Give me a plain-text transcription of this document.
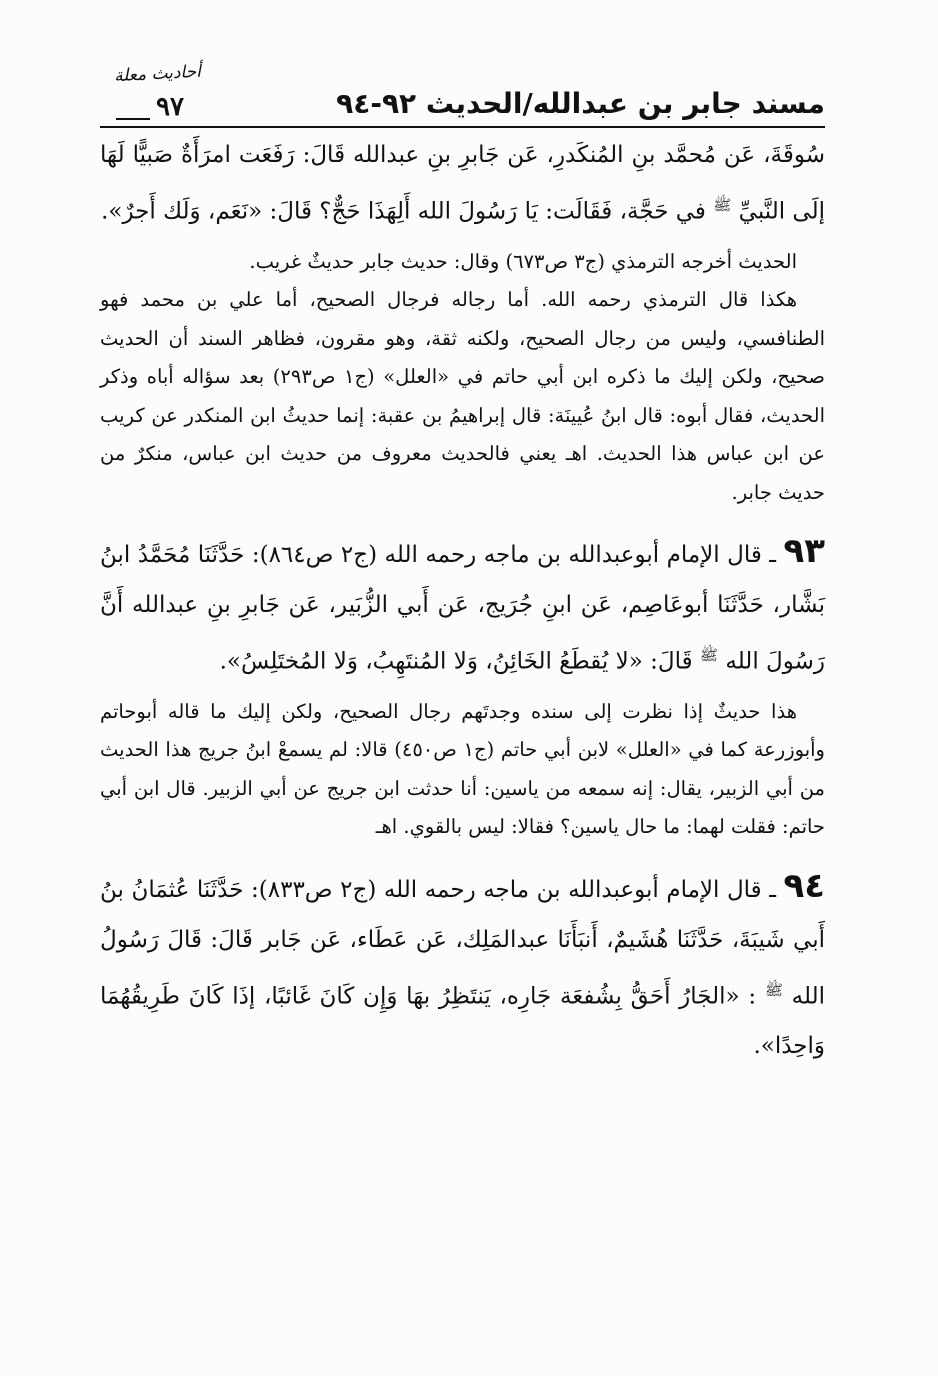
مسند جابر بن عبدالله/الحديث ٩٢-٩٤
أحاديث معلة
٩٧

سُوقَةَ، عَن مُحمَّد بنِ المُنكَدرِ، عَن جَابرِ بنِ عبدالله قَالَ: رَفَعَت امرَأَةٌ صَبيًّا لَهَا إلَى النَّبيِّ $^ﷺ$ في حَجَّة، فَقَالَت: يَا رَسُولَ الله أَلِهَذَا حَجٌّ؟ قَالَ: «نَعَم، وَلَك أَجرٌ».

الحديث أخرجه الترمذي (ج٣ ص٦٧٣) وقال: حديث جابر حديثٌ غريب.

هكذا قال الترمذي رحمه الله. أما رجاله فرجال الصحيح، أما علي بن محمد فهو الطنافسي، وليس من رجال الصحيح، ولكنه ثقة، وهو مقرون، فظاهر السند أن الحديث صحيح، ولكن إليك ما ذكره ابن أبي حاتم في «العلل» (ج١ ص٢٩٣) بعد سؤاله أباه وذكر الحديث، فقال أبوه: قال ابنُ عُيينَة: قال إبراهيمُ بن عقبة: إنما حديثُ ابن المنكدر عن كريب عن ابن عباس هذا الحديث. اهـ يعني فالحديث معروف من حديث ابن عباس، منكرٌ من حديث جابر.

٩٣ ـ قال الإمام أبوعبدالله بن ماجه رحمه الله (ج٢ ص٨٦٤): حَدَّثَنَا مُحَمَّدُ ابنُ بَشَّار، حَدَّثَنَا أبوعَاصِم، عَن ابنِ جُرَيج، عَن أَبي الزُّبَير، عَن جَابرِ بنِ عبدالله أَنَّ رَسُولَ الله $^ﷺ$ قَالَ: «لا يُقطَعُ الخَائِنُ، وَلا المُنتَهِبُ، وَلا المُختَلِسُ».

هذا حديثٌ إذا نظرت إلى سنده وجدتَهم رجال الصحيح، ولكن إليك ما قاله أبوحاتم وأبوزرعة كما في «العلل» لابن أبي حاتم (ج١ ص٤٥٠) قالا: لم يسمعْ ابنُ جريج هذا الحديث من أبي الزبير، يقال: إنه سمعه من ياسين: أنا حدثت ابن جريج عن أبي الزبير. قال ابن أبي حاتم: فقلت لهما: ما حال ياسين؟ فقالا: ليس بالقوي. اهـ

٩٤ ـ قال الإمام أبوعبدالله بن ماجه رحمه الله (ج٢ ص٨٣٣): حَدَّثَنَا عُثمَانُ بنُ أَبي شَيبَةَ، حَدَّثَنَا هُشَيمٌ، أَنبَأَنَا عبدالمَلِك، عَن عَطَاء، عَن جَابر قَالَ: قَالَ رَسُولُ الله $^ﷺ$ : «الجَارُ أَحَقُّ بِشُفعَة جَارِه، يَنتَظِرُ بهَا وَإِن كَانَ غَائبًا، إذَا كَانَ طَرِيقُهُمَا وَاحِدًا».
